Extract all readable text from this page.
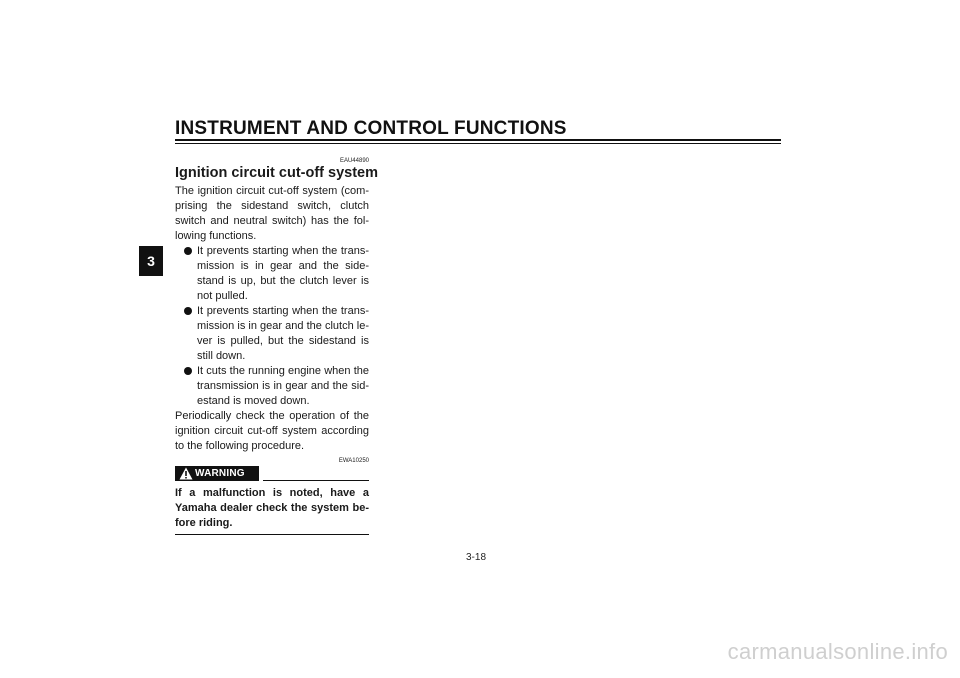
INSTRUMENT AND CONTROL FUNCTIONS
3
EAU44890
Ignition circuit cut-off system

The ignition circuit cut-off system (com-prising the sidestand switch, clutch switch and neutral switch) has the fol-lowing functions.

It prevents starting when the trans-mission is in gear and the side-stand is up, but the clutch lever is not pulled.
It prevents starting when the trans-mission is in gear and the clutch le-ver is pulled, but the sidestand is still down.
It cuts the running engine when the transmission is in gear and the sid-estand is moved down.

Periodically check the operation of the ignition circuit cut-off system according to the following procedure.

EWA10250
WARNING
If a malfunction is noted, have a Yamaha dealer check the system be-fore riding.
3-18
carmanualsonline.info
